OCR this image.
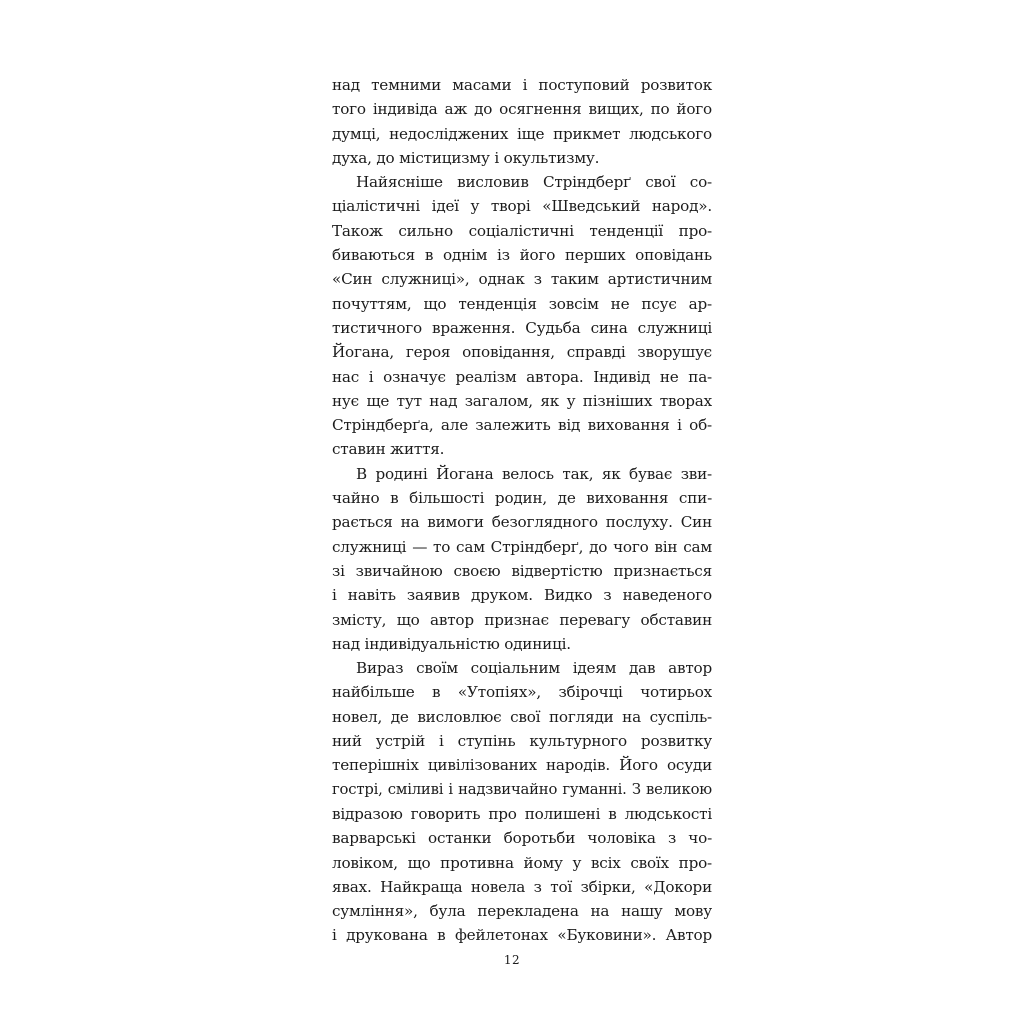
над темними масами і поступовий розвиток
того індивіда аж до осягнення вищих, по його
думці, недосліджених іще прикмет людського
духа, до містицизму і окультизму.
Найясніше висловив Стріндберґ свої со-
ціалістичні ідеї у творі «Шведський народ».
Також сильно соціалістичні тенденції про-
биваються в однім із його перших оповідань
«Син служниці», однак з таким артистичним
почуттям, що тенденція зовсім не псує ар-
тистичного враження. Судьба сина служниці
Йогана, героя оповідання, справді зворушує
нас і означує реалізм автора. Індивід не па-
нує ще тут над загалом, як у пізніших творах
Стріндберґа, але залежить від виховання і об-
ставин життя.
В родині Йогана велось так, як буває зви-
чайно в більшості родин, де виховання спи-
рається на вимоги безоглядного послуху. Син
служниці — то сам Стріндберґ, до чого він сам
зі звичайною своєю відвертістю признається
і навіть заявив друком. Видко з наведеного
змісту, що автор признає перевагу обставин
над індивідуальністю одиниці.
Вираз своїм соціальним ідеям дав автор
найбільше в «Утопіях», збірочці чотирьох
новел, де висловлює свої погляди на суспіль-
ний устрій і ступінь культурного розвитку
теперішніх цивілізованих народів. Його осуди
гострі, сміливі і надзвичайно гуманні. З великою
відразою говорить про полишені в людськості
варварські останки боротьби чоловіка з чо-
ловіком, що противна йому у всіх своїх про-
явах. Найкраща новела з тої збірки, «Докори
сумління», була перекладена на нашу мову
і друкована в фейлетонах «Буковини». Автор
12
